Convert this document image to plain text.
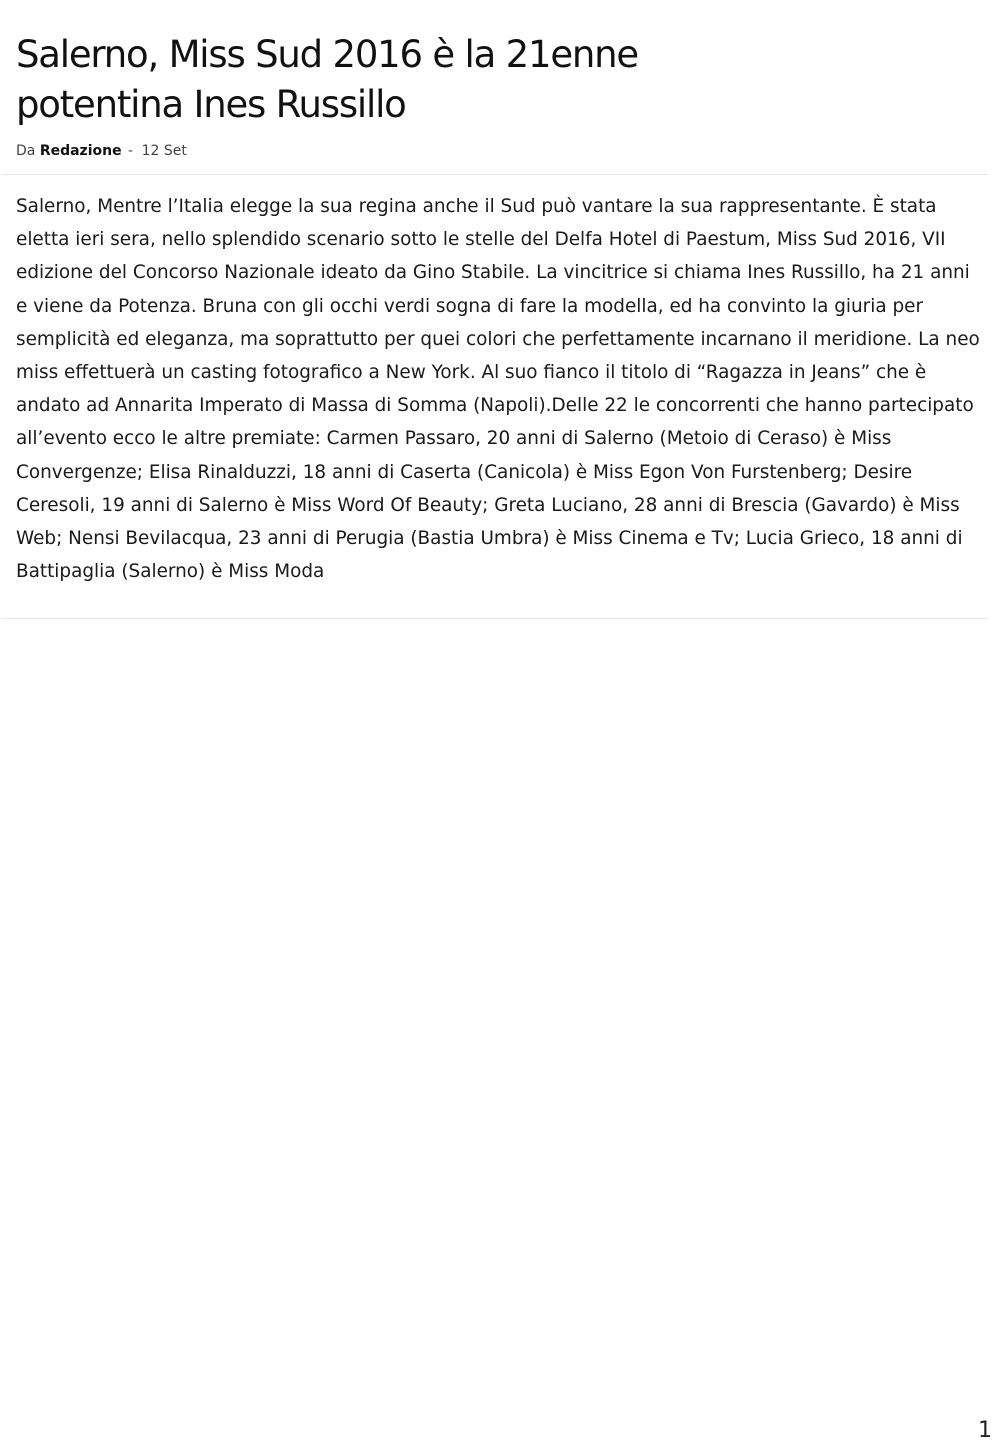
Salerno, Miss Sud 2016 è la 21enne potentina Ines Russillo
Da Redazione - 12 Set

Salerno, Mentre l’Italia elegge la sua regina anche il Sud può vantare la sua rappresentante. È stata eletta ieri sera, nello splendido scenario sotto le stelle del Delfa Hotel di Paestum, Miss Sud 2016, VII edizione del Concorso Nazionale ideato da Gino Stabile. La vincitrice si chiama Ines Russillo, ha 21 anni e viene da Potenza. Bruna con gli occhi verdi sogna di fare la modella, ed ha convinto la giuria per semplicità ed eleganza, ma soprattutto per quei colori che perfettamente incarnano il meridione. La neo miss effettuerà un casting fotografico a New York. Al suo fianco il titolo di “Ragazza in Jeans” che è andato ad Annarita Imperato di Massa di Somma (Napoli).Delle 22 le concorrenti che hanno partecipato all’evento ecco le altre premiate: Carmen Passaro, 20 anni di Salerno (Metoio di Ceraso) è Miss Convergenze; Elisa Rinalduzzi, 18 anni di Caserta (Canicola) è Miss Egon Von Furstenberg; Desire Ceresoli, 19 anni di Salerno è Miss Word Of Beauty; Greta Luciano, 28 anni di Brescia (Gavardo) è Miss Web; Nensi Bevilacqua, 23 anni di Perugia (Bastia Umbra) è Miss Cinema e Tv; Lucia Grieco, 18 anni di Battipaglia (Salerno) è Miss Moda

1
